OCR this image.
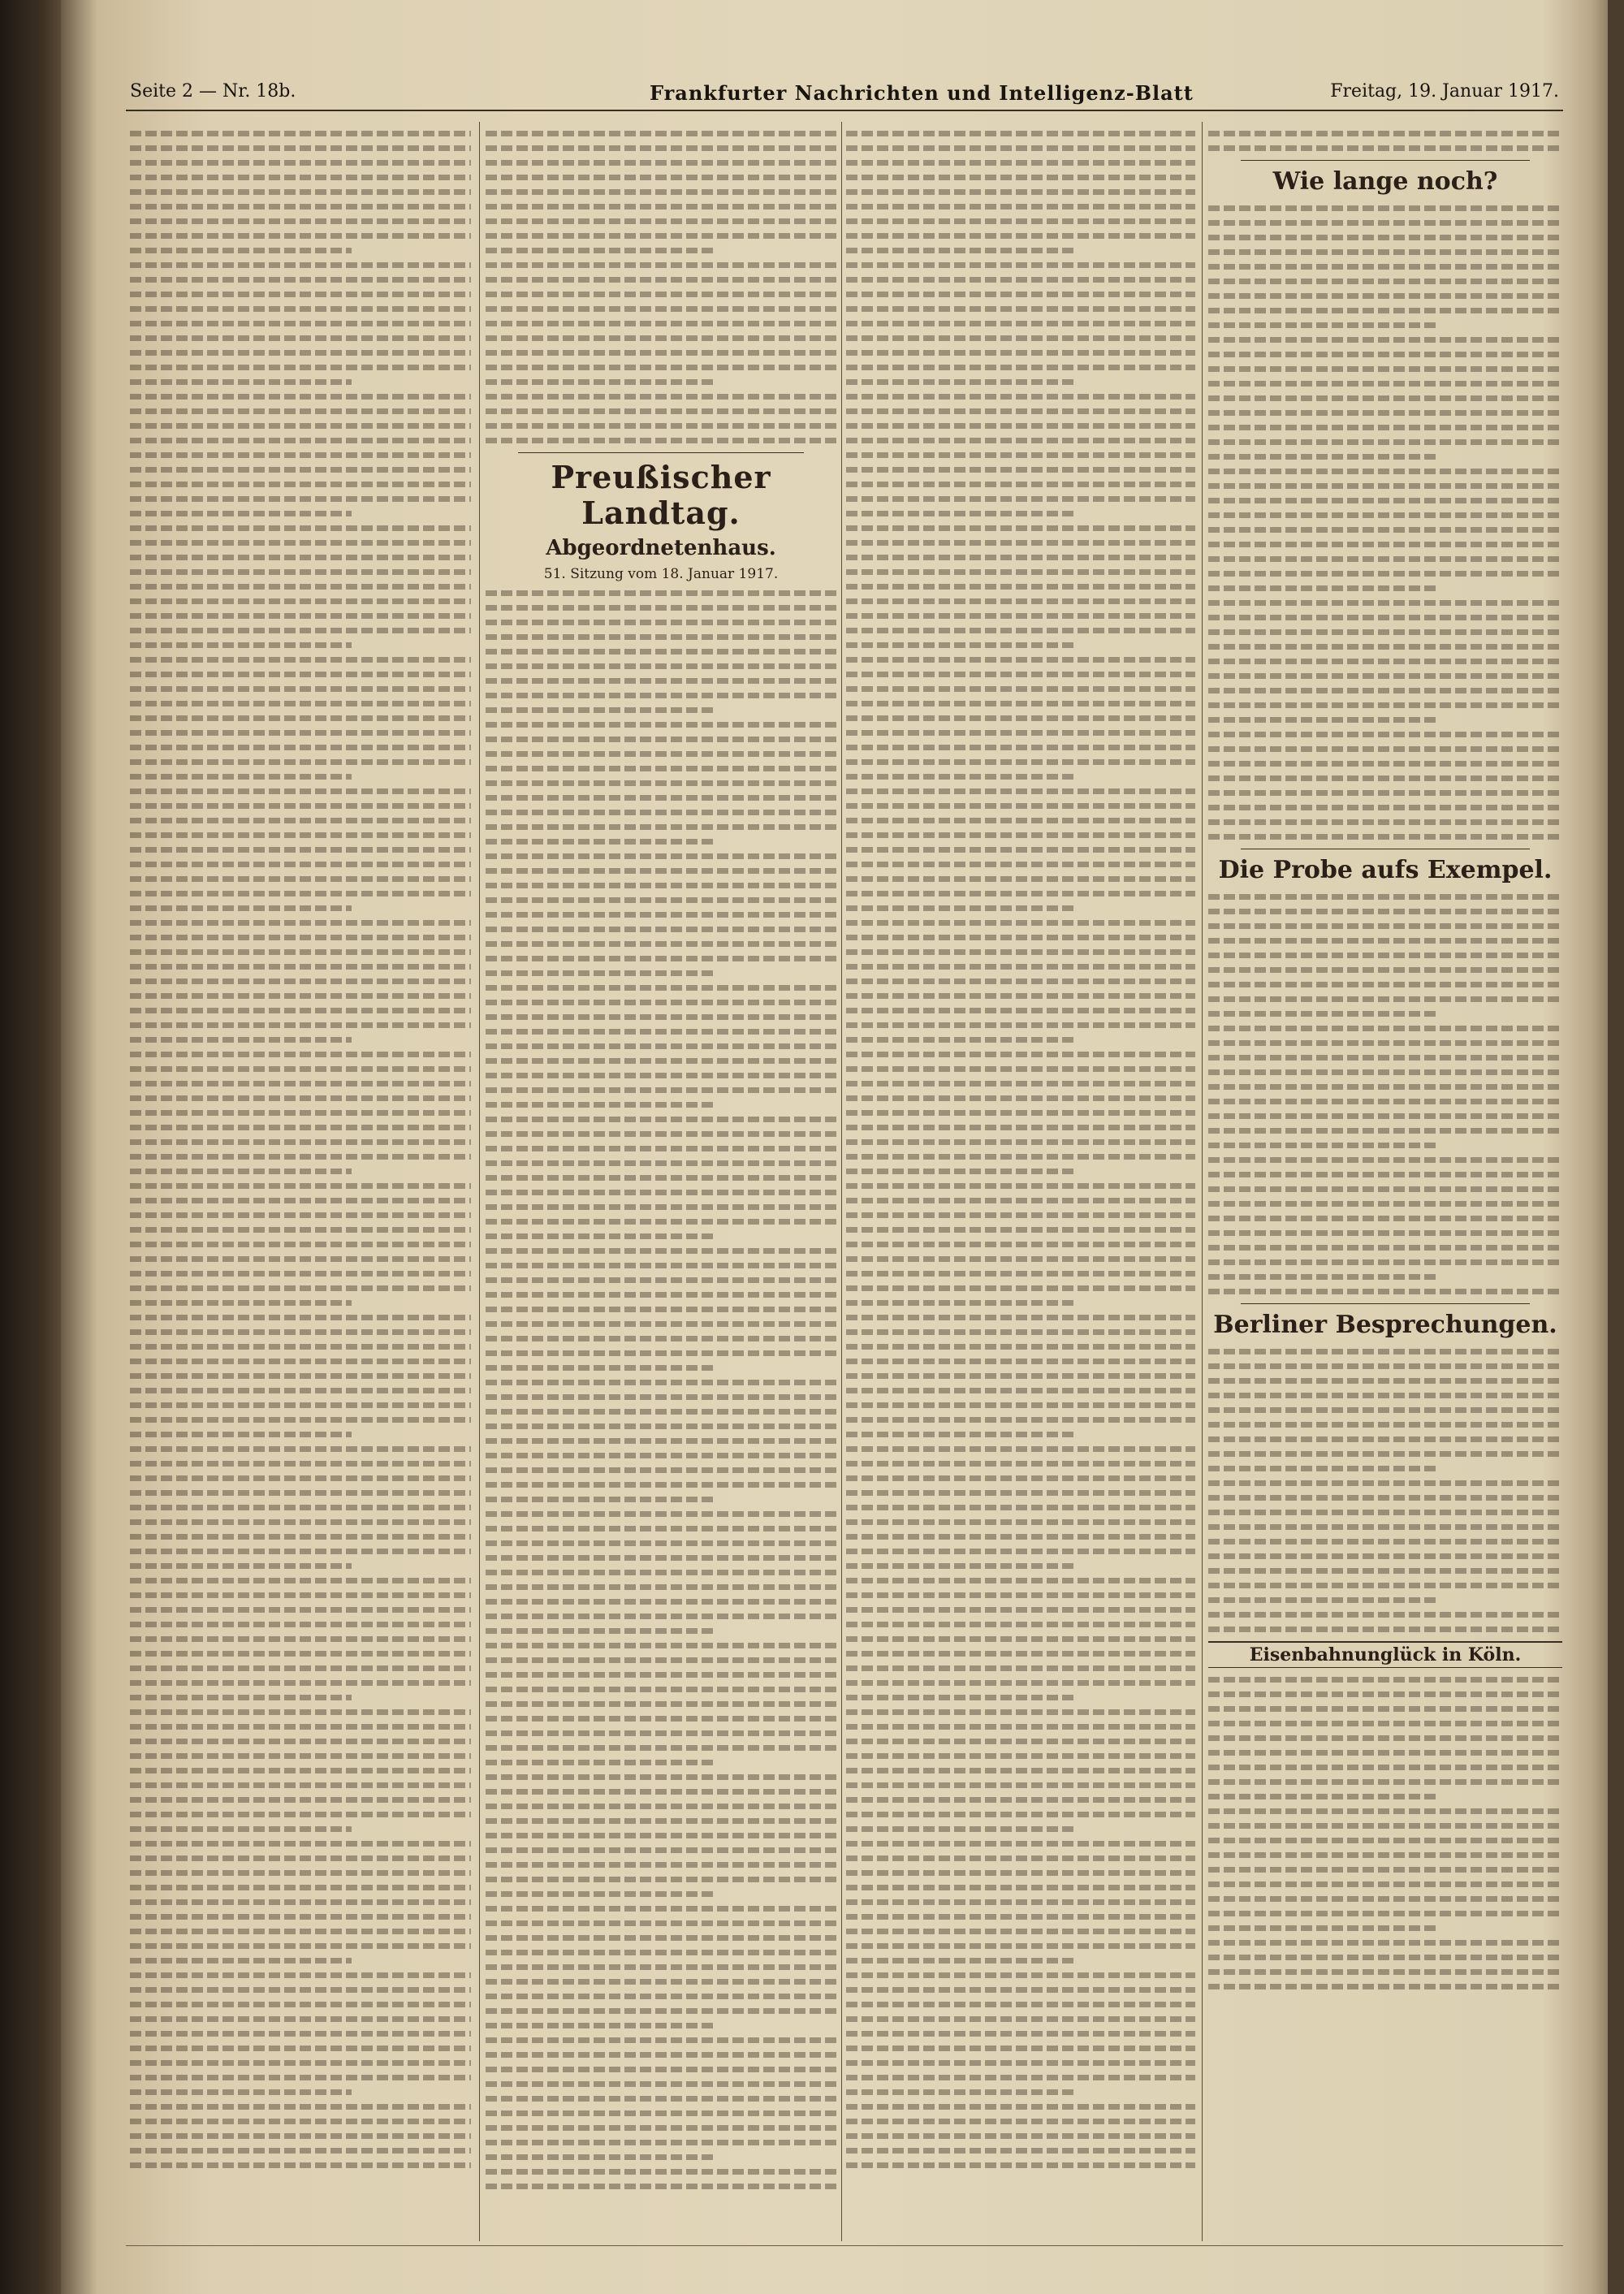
Seite 2 — Nr. 18b.	Frankfurter Nachrichten und Intelligenz-Blatt	Freitag, 19. Januar 1917.
Preußischer Landtag.
Abgeordnetenhaus.
51. Sitzung vom 18. Januar 1917.
Wie lange noch?
Die Probe aufs Exempel.
Berliner Besprechungen.
Eisenbahnunglück in Köln.
